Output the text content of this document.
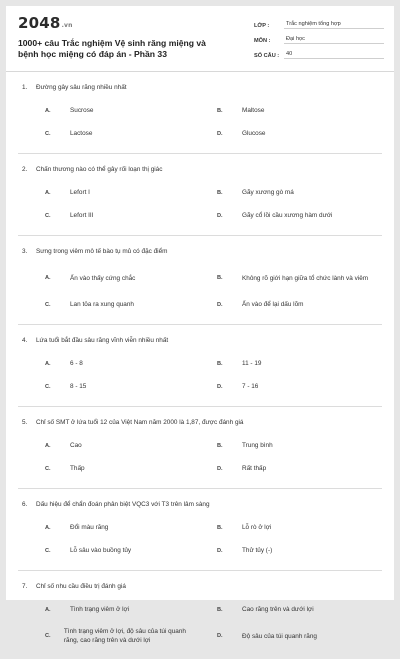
2048.vn
1000+ câu Trắc nghiệm Vệ sinh răng miệng và bệnh học miệng có đáp án - Phần 33
LỚP :	Trắc nghiệm tổng hợp
MÔN :	Đại học
SỐ CÂU :	40
1.	Đường gây sâu răng nhiều nhất
A.	Sucrose	B.	Maltose
C.	Lactose	D.	Glucose
2.	Chấn thương nào có thể gây rối loạn thị giác
A.	Lefort I	B.	Gãy xương gò má
C.	Lefort III	D.	Gãy cổ lồi cầu xương hàm dưới
3.	Sưng trong viêm mô tế bào tụ mủ có đặc điểm
A.	Ấn vào thấy cứng chắc	B.	Không rõ giới hạn giữa tổ chức lành và viêm
C.	Lan tỏa ra xung quanh	D.	Ấn vào để lại dấu lõm
4.	Lứa tuổi bắt đầu sâu răng vĩnh viễn nhiều nhất
A.	6 - 8	B.	11 - 19
C.	8 - 15	D.	7 - 16
5.	Chỉ số SMT ở lứa tuổi 12 của Việt Nam năm 2000 là 1,87, được đánh giá
A.	Cao	B.	Trung bình
C.	Thấp	D.	Rất thấp
6.	Dấu hiệu để chẩn đoán phân biệt VQC3 với T3 trên lâm sàng
A.	Đổi màu răng	B.	Lỗ rò ở lợi
C.	Lỗ sâu vào buồng tủy	D.	Thử tủy (-)
7.	Chỉ số nhu cầu điều trị đánh giá
A.	Tình trạng viêm ở lợi	B.	Cao răng trên và dưới lợi
C.
Tình trạng viêm ở lợi, độ sâu của túi quanh răng, cao răng trên và dưới lợi
D.	Độ sâu của túi quanh răng
